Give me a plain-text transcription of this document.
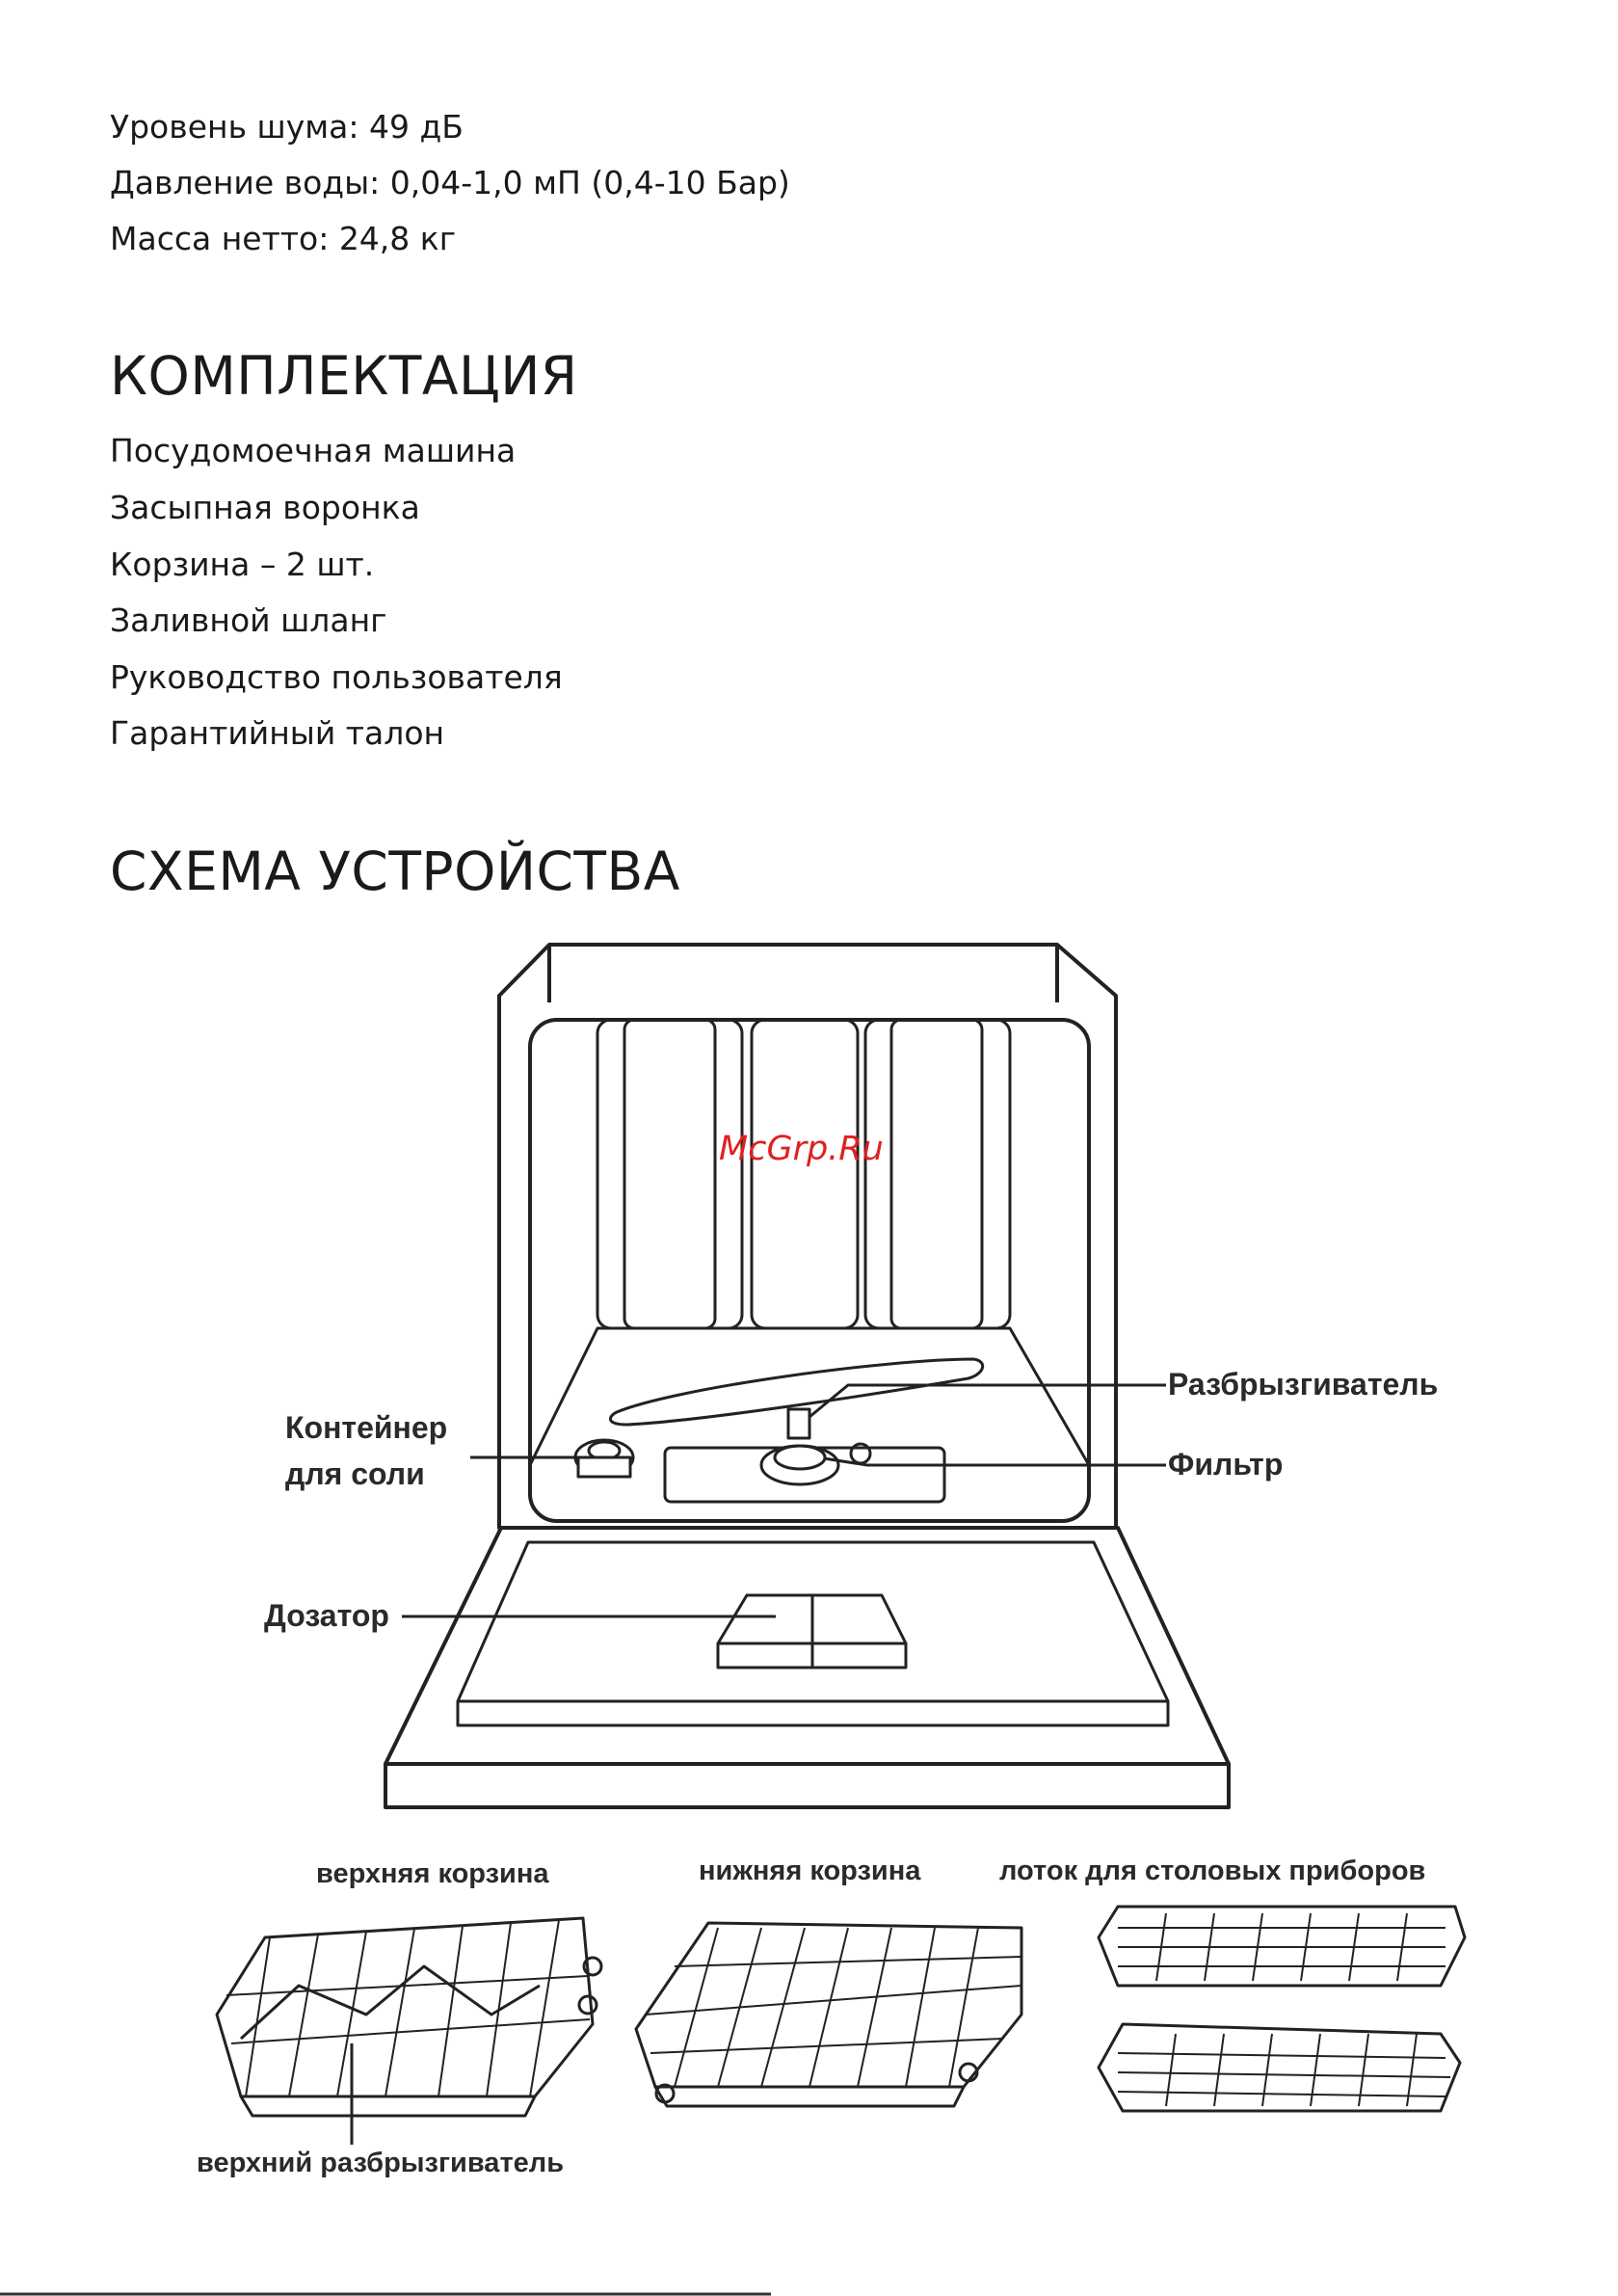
Уровень шума: 49 дБ
Давление воды: 0,04-1,0 мП (0,4-10 Бар)
Масса нетто: 24,8 кг
КОМПЛЕКТАЦИЯ
Посудомоечная машина
Засыпная воронка
Корзина – 2 шт.
Заливной шланг
Руководство пользователя
Гарантийный талон
СХЕМА УСТРОЙСТВА
McGrp.Ru
Разбрызгиватель
Контейнер
для соли	Фильтр
Дозатор
верхняя корзина	нижняя корзина	лоток для столовых приборов
верхний разбрызгиватель
